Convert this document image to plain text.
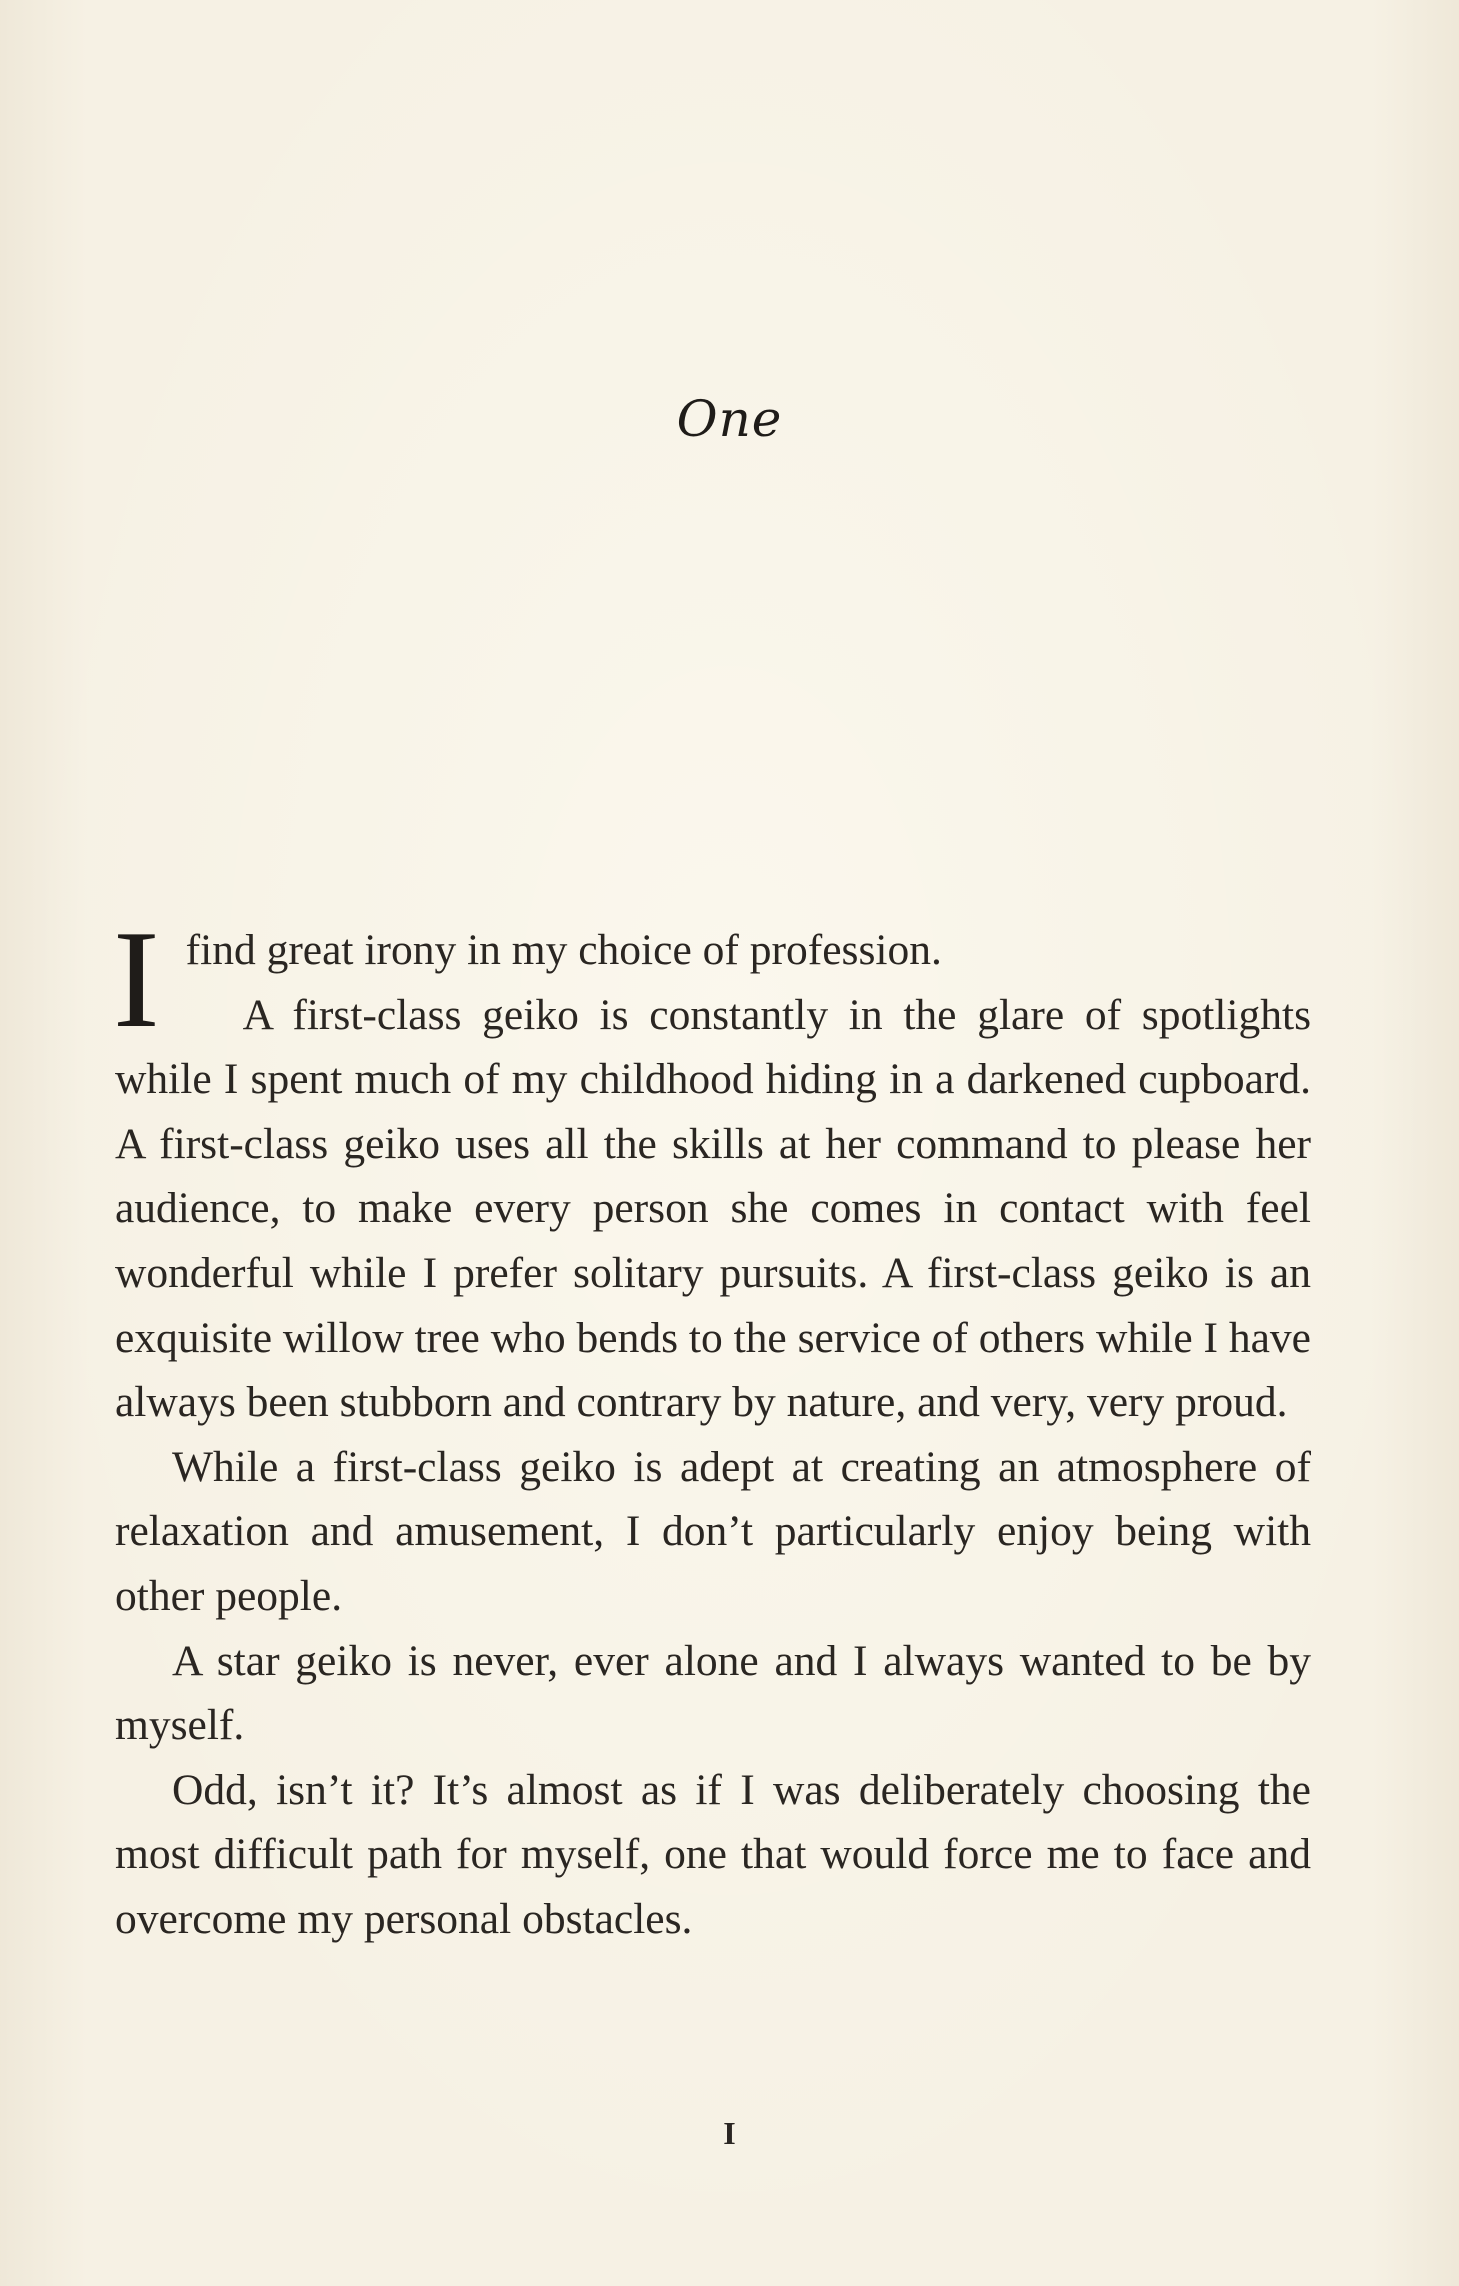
One

I find great irony in my choice of profession.

A first-class geiko is constantly in the glare of spotlights while I spent much of my childhood hiding in a darkened cupboard. A first-class geiko uses all the skills at her command to please her audience, to make every person she comes in contact with feel wonderful while I prefer solitary pursuits. A first-class geiko is an exquisite willow tree who bends to the service of others while I have always been stubborn and contrary by nature, and very, very proud.

While a first-class geiko is adept at creating an atmosphere of relaxation and amusement, I don’t particularly enjoy being with other people.

A star geiko is never, ever alone and I always wanted to be by myself.

Odd, isn’t it? It’s almost as if I was deliberately choosing the most difficult path for myself, one that would force me to face and overcome my personal obstacles.

I
